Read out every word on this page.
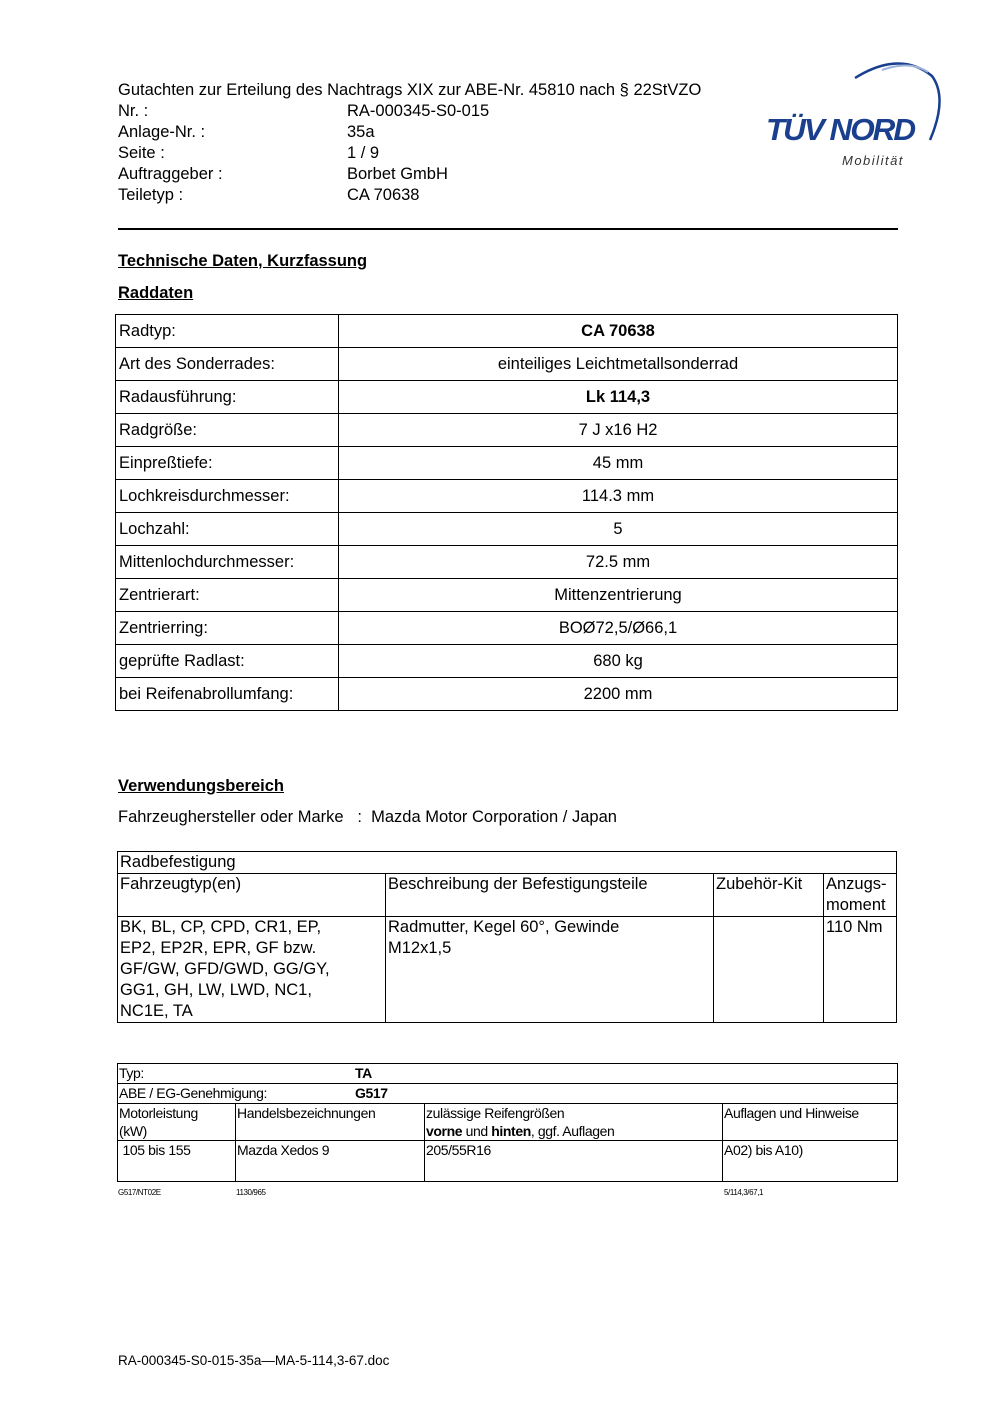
Gutachten zur Erteilung des Nachtrags XIX zur ABE-Nr. 45810 nach § 22StVZO
Nr. :	RA-000345-S0-015
Anlage-Nr. :	35a
Seite :	1 / 9
Auftraggeber :	Borbet GmbH
Teiletyp :	CA 70638
TÜV NORD
Mobilität
Technische Daten, Kurzfassung
Raddaten
Radtyp:	CA 70638
Art des Sonderrades:	einteiliges Leichtmetallsonderrad
Radausführung:	Lk 114,3
Radgröße:	7 J x16 H2
Einpreßtiefe:	45 mm
Lochkreisdurchmesser:	114.3 mm
Lochzahl:	5
Mittenlochdurchmesser:	72.5 mm
Zentrierart:	Mittenzentrierung
Zentrierring:	BOØ72,5/Ø66,1
geprüfte Radlast:	680 kg
bei Reifenabrollumfang:	2200 mm
Verwendungsbereich
Fahrzeughersteller oder Marke : Mazda Motor Corporation / Japan
Radbefestigung			
Fahrzeugtyp(en)	Beschreibung der Befestigungsteile	Zubehör-Kit	Anzugs-
moment
BK, BL, CP, CPD, CR1, EP,
EP2, EP2R, EPR, GF bzw.
GF/GW, GFD/GWD, GG/GY,
GG1, GH, LW, LWD, NC1,
NC1E, TA	Radmutter, Kegel 60°, Gewinde
M12x1,5		110 Nm
Typ: TA			
ABE / EG-Genehmigung: G517			
Motorleistung
(kW)	Handelsbezeichnungen	zulässige Reifengrößen
vorne und hinten, ggf. Auflagen	Auflagen und Hinweise
105 bis 155	Mazda Xedos 9	205/55R16	A02) bis A10)
G517/NT02E	1130/965	5/114,3/67,1
RA-000345-S0-015-35a—MA-5-114,3-67.doc
